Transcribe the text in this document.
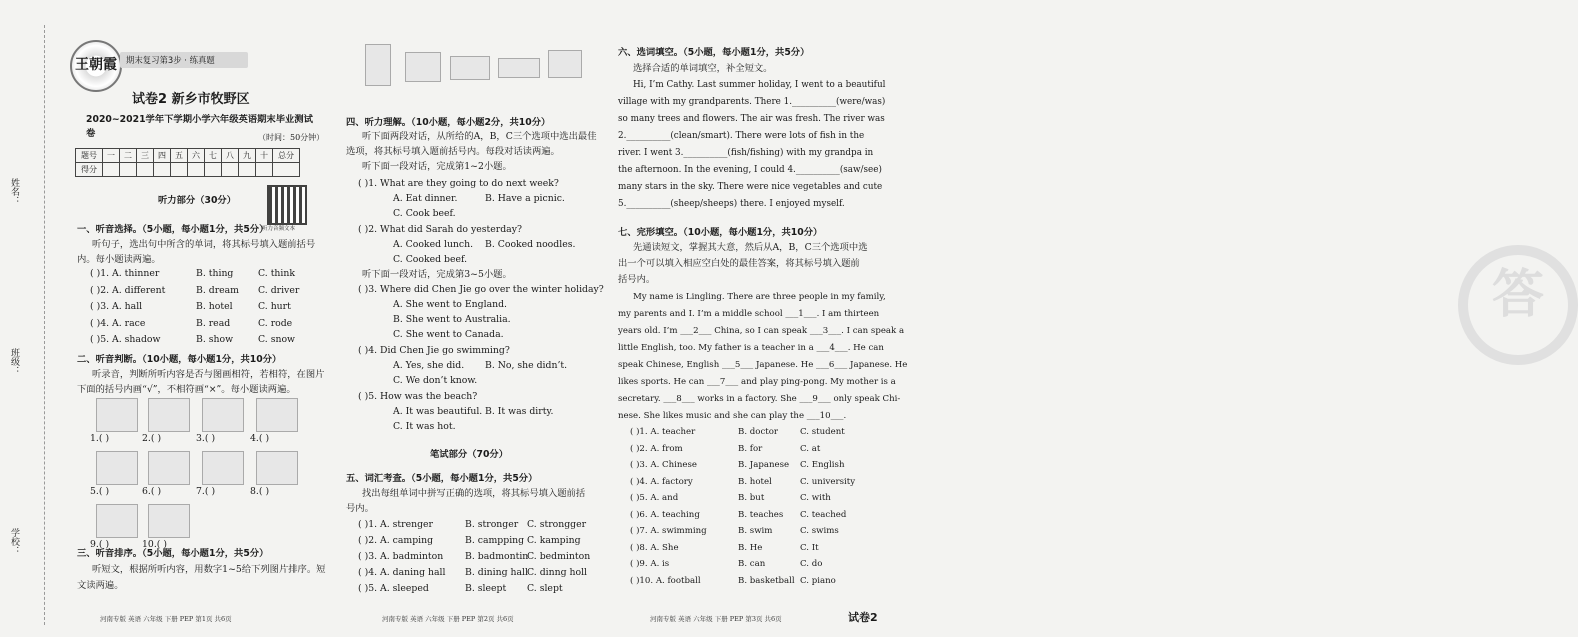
姓名：
班级：
学校：
王朝霞	期末复习第3步 · 练真题
试卷2 新乡市牧野区
2020~2021学年下学期小学六年级英语期末毕业测试卷	（时间：50分钟）
题号	一	二	三	四	五	六	七	八	九	十	总分
得分											
听力部分（30分）
听力音频文本
一、听音选择。（5小题，每小题1分，共5分）
听句子，选出句中所含的单词，将其标号填入题前括号
内。每小题读两遍。
二、听音判断。（10小题，每小题1分，共10分）
听录音，判断所听内容是否与图画相符，若相符，在图片
下面的括号内画“√”，不相符画“×”。每小题读两遍。
三、听音排序。（5小题，每小题1分，共5分）
听短文，根据所听内容，用数字1~5给下列图片排序。短
文读两遍。
河南专版 英语 六年级 下册 PEP 第1页 共6页
( )1. A. thinner	B. thing	C. think
( )2. A. different	B. dream C. driver
( )3. A. hall	B. hotel	C. hurt
( )4. A. race	B. read	C. rode
( )5. A. shadow	B. show	C. snow
1.( )	2.( )	3.( )	4.( )
5.( )	6.( )	7.( )	8.( )
9.( )	10.( )
四、听力理解。（10小题，每小题2分，共10分）
听下面两段对话，从所给的A，B，C三个选项中选出最佳
选项，将其标号填入题前括号内。每段对话读两遍。
听下面一段对话，完成第1~2小题。
( )1. What are they going to do next week?
A. Eat dinner.	B. Have a picnic.
C. Cook beef.
( )2. What did Sarah do yesterday?
A. Cooked lunch. B. Cooked noodles.
C. Cooked beef.
听下面一段对话，完成第3~5小题。
( )3. Where did Chen Jie go over the winter holiday?
A. She went to England.
B. She went to Australia.
C. She went to Canada.
( )4. Did Chen Jie go swimming?
A. Yes, she did. B. No, she didn’t.
C. We don’t know.
( )5. How was the beach?
A. It was beautiful. B. It was dirty.
C. It was hot.
笔试部分（70分）
五、词汇考查。（5小题，每小题1分，共5分）
找出每组单词中拼写正确的选项，将其标号填入题前括
号内。
河南专版 英语 六年级 下册 PEP 第2页 共6页
( )1. A. strenger	B. stronger C. strongger
( )2. A. camping	B. campping C. kamping
( )3. A. badminton B. badmontin
C. bedminton
( )4. A. daning hall B. dining hall C. dinng holl
( )5. A. sleeped	B. sleept C. slept
答
六、选词填空。（5小题，每小题1分，共5分）
选择合适的单词填空，补全短文。
七、完形填空。（10小题，每小题1分，共10分）
先通读短文，掌握其大意，然后从A，B，C三个选项中选
出一个可以填入相应空白处的最佳答案，将其标号填入题前
括号内。
河南专版 英语 六年级 下册 PEP 第3页 共6页	试卷2
Hi, I’m Cathy. Last summer holiday, I went to a beautiful
village with my grandparents. There 1.__________(were/was)
so many trees and flowers. The air was fresh. The river was
2.__________(clean/smart). There were lots of fish in the
river. I went 3.__________(fish/fishing) with my grandpa in
the afternoon. In the evening, I could 4.__________(saw/see)
many stars in the sky. There were nice vegetables and cute
5.__________(sheep/sheeps) there. I enjoyed myself.
My name is Lingling. There are three people in my family,
my parents and I. I’m a middle school ___1___. I am thirteen
years old. I’m ___2___ China, so I can speak ___3___. I can speak a
little English, too. My father is a teacher in a ___4___. He can
speak Chinese, English ___5___ Japanese. He ___6___ Japanese. He
likes sports. He can ___7___ and play ping-pong. My mother is a
secretary. ___8___ works in a factory. She ___9___ only speak Chi-
nese. She likes music and she can play the ___10___.
( )1. A. teacher	B. doctor	C. student
( )2. A. from	B. for	C. at
( )3. A. Chinese	B. Japanese C. English
( )4. A. factory	B. hotel	C. university
( )5. A. and	B. but	C. with
( )6. A. teaching	B. teaches C. teached
( )7. A. swimming	B. swim	C. swims
( )8. A. She	B. He	C. It
( )9. A. is	B. can	C. do
( )10. A. football	B. basketball C. piano
